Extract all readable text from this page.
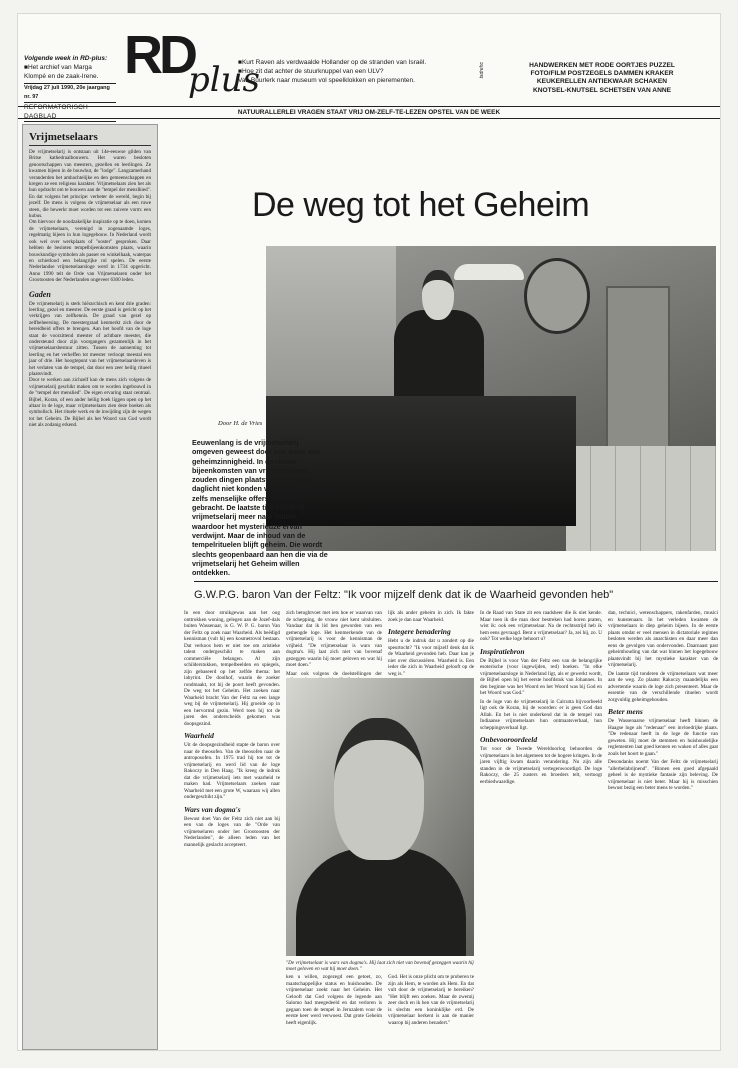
Volgende week in RD-plus:
■ Het archief van Marga
Klompé en de zaak-Irene.
Vrijdag 27 juli 1990, 20e jaargang nr. 97
REFORMATORISCH DAGBLAD
RD
plus
■ Kurt Raven als verdwaalde Hollander op de stranden van Israël.
■ Hoe zit dat achter de stuurknuppel van een ULV?
Van Buurlerk naar museum vol speelklokken en pierementen.
tsdrehc	HANDWERKEN MET RODE OORTJES PUZZEL
FOTO/FILM POSTZEGELS DAMMEN KRAKER
KEUKERELLEN ANTIEKWAAR SCHAKEN
KNOTSEL-KNUTSEL SCHETSEN VAN ANNE
NATUURALLERLEI VRAGEN STAAT VRIJ OM-ZELF-TE-LEZEN OPSTEL VAN DE WEEK
Vrijmetselaars

De vrijmetselarij is ontstaan uit 14e-eeuwse gilden van Britse kathedraalbouwers. Het waren besloten genootschappen van meesters, gezellen en leerlingen. Ze kwamen bijeen in de bouwhut, de "lodge". Langzamerhand veranderden het ambachtelijke en den gemeenschappen en kregen ze een religieus karakter. Vrijmetselaars zien het als hun opdracht om te bouwen aan de "tempel der menslhied". En dat volgens het principe: verbeter de wereld, begin bij jezelf. De mens is volgens de vrijmetselaar als een ruwe steen, die bewerkt moet worden tot een zuivere vorm: een kubus.

Om hiervoor de noodzakelijke inspiratie op te doen, komen de vrijmetselaars, verenigd in zogenaamde loges, regelmatig bijeen in hun logegebouw. In Nederland wordt ook wel over werkplaats of "ooster" gesproken. Daar hebben de besloten tempelbijeenkomsten plaats, waarin bouwkundige symbolen als passer en winkelhaak, waterpas en schietlood een belangrijke rol spelen. De eerste Nederlandse vrijmetselaarsloge werd in 1734 opgericht. Anno 1990 telt de Orde van Vrijmetselaren onder het Grootoosten der Nederlanden ongeveer 6300 leden.

Gaden

De vrijmetselarij is sterk hiërarchisch en kent drie graden: leerling, gezel en meester. De eerste graad is gericht op het verkrijgen van zelfkennis. De graad van gezel op zelfbeheersing. De meestergraad kenmerkt zich door de bereidheid offers te brengen. Aan het hoofd van de loge staat de voorzittend meester of achtbare meester, die ondersteund door zijn voorgangers gezamenlijk in het vrijmetselaarsbestuur zitten. Tussen de aanneming tot leerling en het verheffen tot meester verloopt meestal een jaar of drie. Het hoogtepunt van het vrijmetselaarsleven is het verlaten van de tempel, dat door een zeer heilig ritueel plaatsvindt.

Door te werken aan zichzelf kan de mens zich volgens de vrijmetselarij geschikt maken om te worden ingebouwd in de "tempel der menslied". De eigen ervaring staat centraal. Bijbel, Koran, of een ander heilig boek liggen open op het altaar in de loge, maar vrijmetselaars zien deze boeken als symbolisch. Het rituele werk en de inwijding zijn de wegen tot het Geheim. De Bijbel als het Woord van God wordt niet als zodanig erkend.

De weg tot het Geheim
Door H. de Vries
Eeuwenlang is de vrijmetselarij omgeven geweest door een waas van geheimzinnigheid. In de rituele bijeenkomsten van vrijmetselaars zouden dingen plaatsvinden die het daglicht niet konden verdragen. Er zou zelfs menselijke offers worden gebracht. De laatste tijd treedt de vrijmetselarij meer naar buiten, waardoor het mysterieuze ervan verdwijnt. Maar de inhoud van de tempelrituelen blijft geheim. Die wordt slechts geopenbaard aan hen die via de vrijmetselarij het Geheim willen ontdekken.
G.W.P.G. baron Van der Feltz: "Ik voor mijzelf denk dat ik de Waarheid gevonden heb"

In een door struikgewas aan het oog onttrokken woning, gelegen aan de Jozef-dals buiten Wassenaar, is G. W. P. G. baron Van der Feltz op zoek naar Waarheid. Als beëdigd kennisman (vult hij een kosmetrovol bestaan. Dat verkoos hem er niet toe om aristieke talent ondergeschikt te maken aan commerciële belangen. Al zijn schilderstukken, tempelbeelden en spiegels, zijn gebaseerd op het zelfde thema: het labyrint. De doolhof, waarin de zoeker rondmaakt, tot hij de poort heeft gevonden. De weg tot het Geheim. Het zoeken naar Waarheid bracht Van der Feltz na een lange weg bij de vrijmetselarij. Hij groeide op in een hervormd gezin. Werd toen hij tot de jaren des onderscheids gekomen was doopsgezind.

Waarheid

Uit de doopsgezindheid stapte de baron over naar de theosofen. Van de theosofen naar de antroposofen. In 1975 trad hij toe tot de vrijmetselarij en werd lid van de loge Rakoczy in Den Haag. "Ik kreeg de indruk dat die vrijmetselarij iets met waarheid te maken had. Vrijmetselaars zoeken naar Waarheid met een grote W, waaraan wij allen ondergeschikt zijn."

Wars van dogma's

Bewust doet Van der Feltz zich niet aan bij een van de loges van de "Orde van vrijmetselaren onder het Grootoosten der Nederlanden", de alleen leden van het mannelijk geslacht accepteert.

zich betoghtvoet met iets hoe er waarvan van de schepping, de vrouw niet kent uitsluiten. Vandaar dat ik lid ben geworden van een gemengde loge. Het kenmerkende van de vrijmetselarij is voor de kennisman de vrijheid. "De vrijmetselaar is wars van dogma's. Hij laat zich niet van bovenaf gezeggen waarin hij moet geloven en wat hij moet doen."

Maar ook volgens de doelstellingen der

"De vrijmetselaar is wars van dogma's. Hij laat zich niet van bovenaf gezeggen waarin hij moet geloven en wat hij moet doen."

ken u willen, zogezegd een getoet, zo, maatschappelijke status en huishouden. De vrijmetselaar zoekt naar het Geheim. Het Gelooft dat God volgens de legende aan Salomo had meegedeeld en dat verloren is gegaan toen de tempel in Jeruzalem voor de eerste keer werd verwoest. Dat grote Geheim heeft eigenlijk.

lijk als ander geheim in zich. Ik fakte zoek je dan naar Waarheid.

Integere benadering

Hebt u de indruk dat u zondert op die speurtocht? "Ik voor mijzelf denk dat ik de Waarheid gevonden heb. Daar kan je niet over discussiëren. Waarheid is. Een ieder die zich in Waarheid gelooft op de weg is."

God. Het is onze plicht om te proberen te zijn als Hem, te worden als Hem. En dat vult door de vrijmetselarij te bereiken? "Het blijft een zoeken. Maar de zwemij zeer doch en ik hen van de vrijmetselarij is slechts een koninklijke erd. De vrijmetselaar herkent is aan de manier waarop hij anderen benadert."

In de Raad van State zit een raadsheer die ik niet kende. Maar toen ik die man door bestreken had horen praten, wist ik: ook een vrijmetselaar. Na de rechtsstrijd heb ik hem eens gevraagd. Bent u vrijmetselaar? Ja, zei hij, zo. U ook? Tot welke loge behoort u?

Inspiratiebron

De Bijbel is voor Van der Feltz een van de belangrijke esoterische (voor ingewijden, red) boeken. "In elke vrijmetselaarsloge in Nederland ligt, als er gewerkt wordt, de Bijbel open bij het eerste hoofdstuk van Johannes. In den beginne was het Woord en het Woord was bij God en het Woord was God."

In de loge van de vrijmetselarij in Calcutta bijvoorbeeld ligt ook de Koran, bij de woorden: er is geen God dan Allah. En het is niet onderkend dat in de tempel van Indiaanse vrijmetselaars hun ontmaatsverhaal, hun scheppingsverhaal ligt.

Onbevooroordeeld

Tot voor de Tweede Wereldoorlog behoorden de vrijmetselaars in het algemeen tot de hogere kringen. In de jaren vijftig kwam daarin verandering. Nu zijn alle standen in de vrijmetselarij vertegenwoordigd. De loge Rakoczy, die 25 zusters en broeders telt, vertoogt eerbiedwaardige.

dan, technici, wetenschappers, rakenfarden, musici en kunstenaars. In het verleden kwamen de vrijmetselaars in diep geheim bijeen. In de eerste plaats omdat er veel mensen in dictatoriale regimes besloten werden als anarchisten en daar meer dan eens de gevolgen van ondervonden. Daarnaast past geheimhouding van dat wat binnen het logegebouw plaatsvindt bij het mystieke karakter van de vrijmetselarij.

De laatste tijd tonderen de vrijmetselaars wat meer aan de weg. Zo plaatst Rakoczy maandelijks een advertentie waarin de loge zich presenteert. Maar de essentie van de verschillende rituelen wordt zorgvuldig geheimgehouden.

Beter mens

De Wassenaarse vrijmetselaar heeft binnen de Haagse loge als "redenaar" een invloedrijke plaats. "De redenaar heeft in de loge de functie van geweten. Hij moet de stemmen en huishoudelijke reglementen laat goed kennen en waken of alles gaat zoals het hoort te gaan."

Desondanks noemt Van der Feltz de vrijmetselarij "allerbelabrijnend". "Binnen een goed afgepaald geheel is de mystieke fantasie zijn beleving. De vrijmetselaar is niet beter. Maar hij is misschien bewust bezig een beter mens te worden."
